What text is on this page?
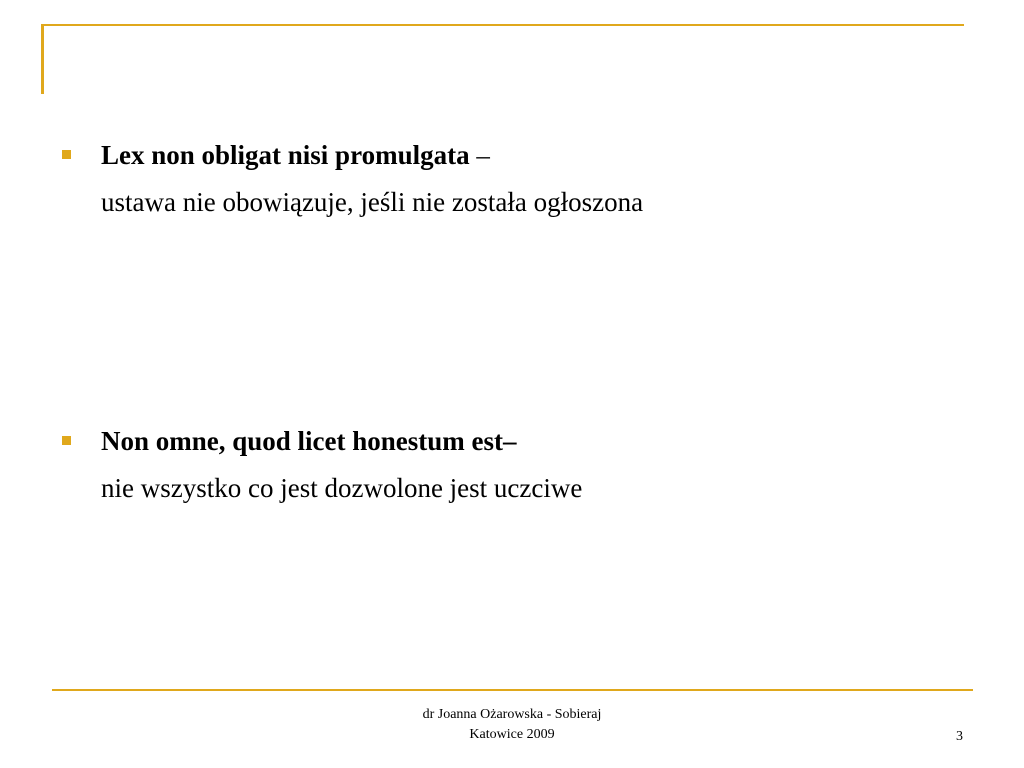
Lex non obligat nisi promulgata –
ustawa nie obowiązuje, jeśli nie została ogłoszona
Non omne, quod licet honestum est–
nie wszystko co jest dozwolone jest uczciwe
dr Joanna Ożarowska - Sobieraj
Katowice 2009	3
